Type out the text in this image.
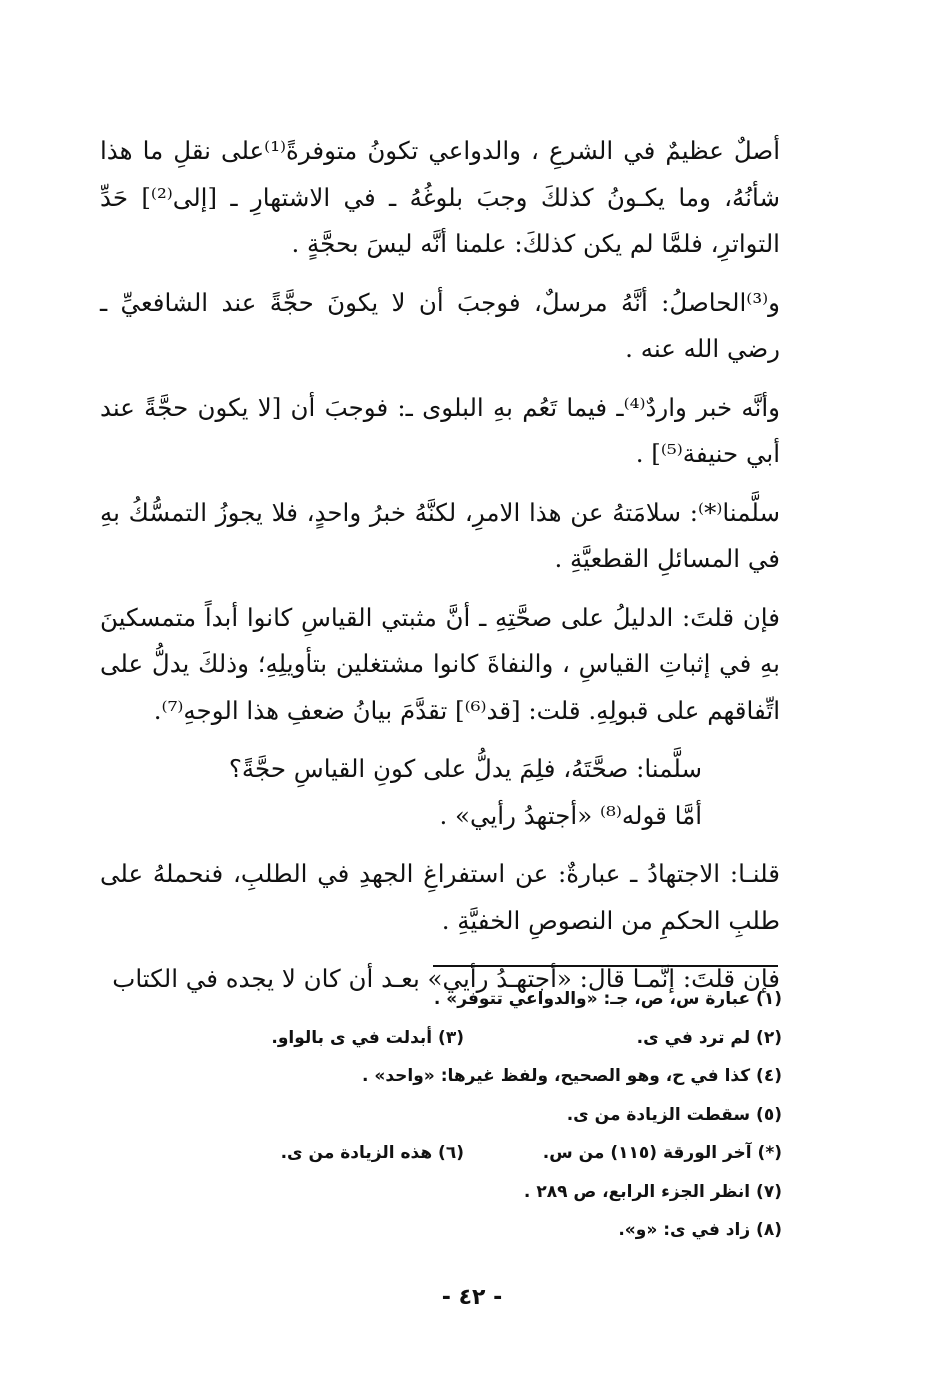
أصلٌ عظيمٌ في الشرعِ ، والدواعي تكونُ متوفرةً⁽¹⁾على نقلِ ما هذا شأنُهُ، وما يكـونُ كذلكَ وجبَ بلوغُهُ ـ في الاشتهارِ ـ [إلى⁽²⁾] حَدِّ التواترِ، فلمَّا لم يكن كذلكَ: علمنا أنَّه ليسَ بحجَّةٍ .

و⁽³⁾الحاصلُ: أنَّهُ مرسلٌ، فوجبَ أن لا يكونَ حجَّةً عند الشافعيِّ ـ رضي الله عنه .

وأنَّه خبر واردٌ⁽⁴⁾ـ فيما تَعُم بهِ البلوى ـ: فوجبَ أن [لا يكون حجَّةً عند أبي حنيفة⁽⁵⁾] .

سلَّمنا⁽*⁾: سلامَتهُ عن هذا الامرِ، لكنَّهُ خبرُ واحدٍ، فلا يجوزُ التمسُّكُ بهِ في المسائلِ القطعيَّةِ .

فإن قلتَ: الدليلُ على صحَّتِهِ ـ أنَّ مثبتي القياسِ كانوا أبداً متمسكينَ بهِ في إثباتِ القياسِ ، والنفاةَ كانوا مشتغلين بتأويلِهِ؛ وذلكَ يدلُّ على اتِّفاقهم على قبولِهِ. قلت: [قد⁽⁶⁾] تقدَّمَ بيانُ ضعفِ هذا الوجهِ⁽⁷⁾.

سلَّمنا: صحَّتَهُ، فلِمَ يدلُّ على كونِ القياسِ حجَّةً؟

أمَّا قوله⁽⁸⁾ «أجتهدُ رأيي» .

قلنـا: الاجتهادُ ـ عبارةٌ: عن استفراغِ الجهدِ في الطلبِ، فنحملهُ على طلبِ الحكمِ من النصوصِ الخفيَّةِ .

فإن قلتَ: إنَّمـا قال: «أجتهـدُ رأيي» بعـد أن كان لا يجده في الكتاب

(١) عبارة س، ص، جـ: «والدواعي تتوفر» .
(٢) لم ترد في ى.
(٣) أبدلت في ى بالواو.
(٤) كذا في ح، وهو الصحيح، ولفظ غيرها: «واحد» .
(٥) سقطت الزيادة من ى.
(*) آخر الورقة (١١٥) من س.
(٦) هذه الزيادة من ى.
(٧) انظر الجزء الرابع، ص ٢٨٩ .
(٨) زاد في ى: «و».
- ٤٢ -
